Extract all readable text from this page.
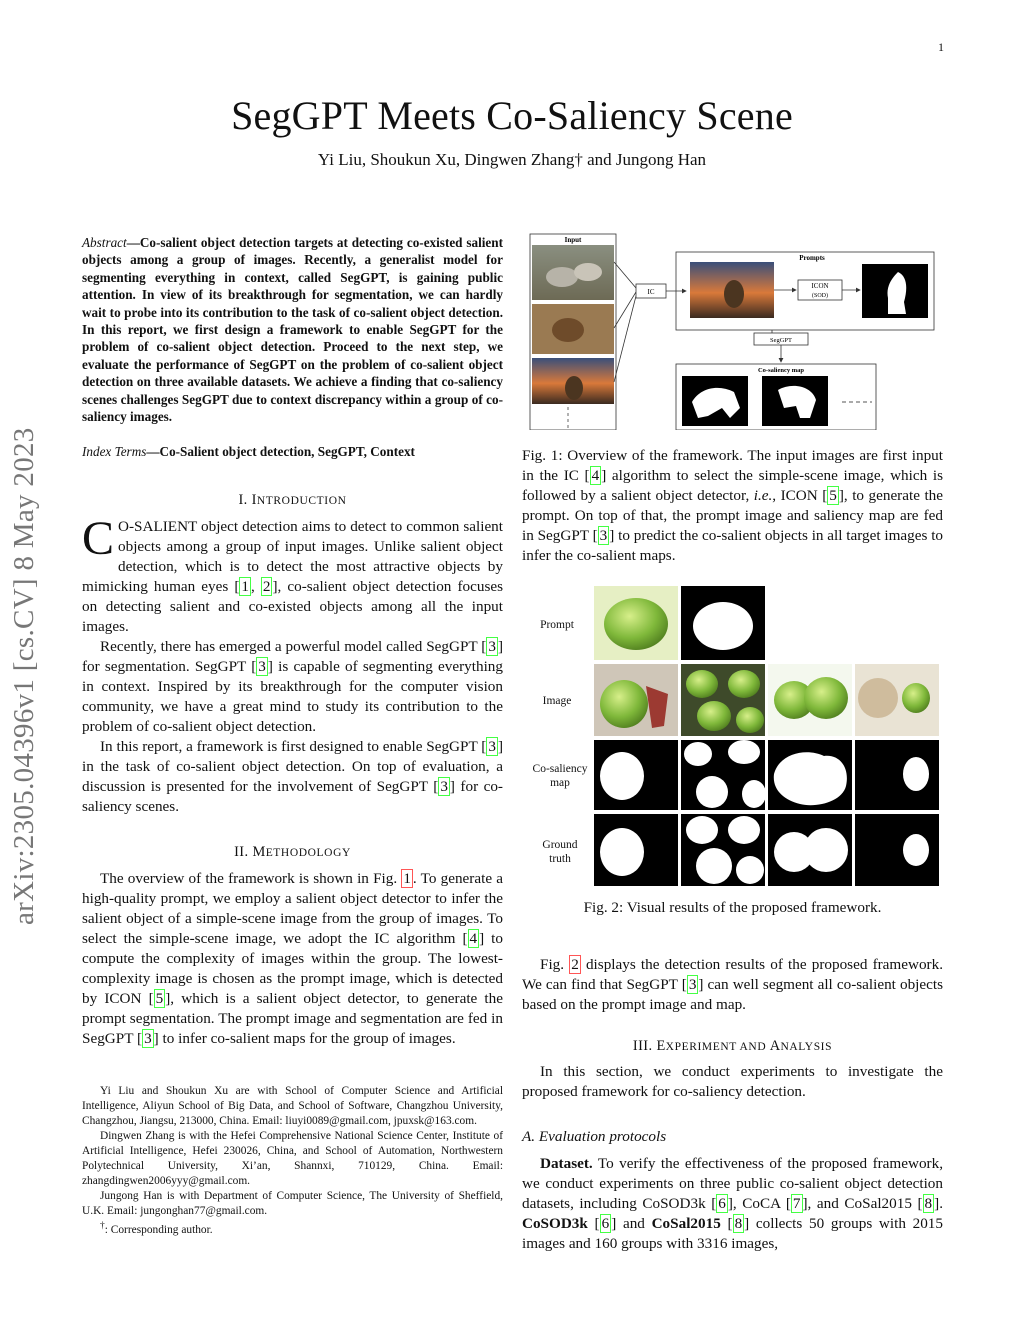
1
arXiv:2305.04396v1 [cs.CV] 8 May 2023
SegGPT Meets Co-Saliency Scene
Yi Liu, Shoukun Xu, Dingwen Zhang† and Jungong Han
Abstract—Co-salient object detection targets at detecting co-existed salient objects among a group of images. Recently, a generalist model for segmenting everything in context, called SegGPT, is gaining public attention. In view of its breakthrough for segmentation, we can hardly wait to probe into its contribution to the task of co-salient object detection. In this report, we first design a framework to enable SegGPT for the problem of co-salient object detection. Proceed to the next step, we evaluate the performance of SegGPT on the problem of co-salient object detection on three available datasets. We achieve a finding that co-saliency scenes challenges SegGPT due to context discrepancy within a group of co-saliency images.
Index Terms—Co-Salient object detection, SegGPT, Context
I. INTRODUCTION

C O-SALIENT object detection aims to detect to common salient objects among a group of input images. Unlike salient object detection, which is to detect the most attractive objects by mimicking human eyes [ 1 , 2 ], co-salient object detection focuses on detecting salient and co-existed objects among all the input images.

Recently, there has emerged a powerful model called SegGPT [ 3 ] for segmentation. SegGPT [ 3 ] is capable of segmenting everything in context. Inspired by its breakthrough for the computer vision community, we have a great mind to study its contribution to the problem of co-salient object detection.

In this report, a framework is first designed to enable SegGPT [ 3 ] in the task of co-salient object detection. On top of evaluation, a discussion is presented for the involvement of SegGPT [ 3 ] for co-saliency scenes.

II. METHODOLOGY

The overview of the framework is shown in Fig. 1 . To generate a high-quality prompt, we employ a salient object detector to infer the salient object of a simple-scene image from the group of images. To select the simple-scene image, we adopt the IC algorithm [ 4 ] to compute the complexity of images within the group. The lowest-complexity image is chosen as the prompt image, which is detected by ICON [ 5 ], which is a salient object detector, to generate the prompt segmentation. The prompt image and segmentation are fed in SegGPT [ 3 ] to infer co-salient maps for the group of images.

Yi Liu and Shoukun Xu are with School of Computer Science and Artificial Intelligence, Aliyun School of Big Data, and School of Software, Changzhou University, Changzhou, Jiangsu, 213000, China. Email: liuyi0089@gmail.com, jpuxsk@163.com.

Dingwen Zhang is with the Hefei Comprehensive National Science Center, Institute of Artificial Intelligence, Hefei 230026, China, and School of Automation, Northwestern Polytechnical University, Xi’an, Shannxi, 710129, China. Email: zhangdingwen2006yyy@gmail.com.

Jungong Han is with Department of Computer Science, The University of Sheffield, U.K. Email: jungonghan77@gmail.com.

†: Corresponding author.

Input
IC
Prompts
ICON
(SOD)
SegGPT
Co-saliency map
Fig. 1: Overview of the framework. The input images are first input in the IC [ 4 ] algorithm to select the simple-scene image, which is followed by a salient object detector, i.e., ICON [ 5 ], to generate the prompt. On top of that, the prompt image and saliency map are fed in SegGPT [ 3 ] to predict the co-salient objects in all target images to infer the co-salient maps.
Prompt
Image
Co-saliency
map
Ground
truth
Fig. 2: Visual results of the proposed framework.

Fig. 2 displays the detection results of the proposed framework. We can find that SegGPT [ 3 ] can well segment all co-salient objects based on the prompt image and map.

III. EXPERIMENT AND ANALYSIS

In this section, we conduct experiments to investigate the proposed framework for co-saliency detection.

A. Evaluation protocols

Dataset. To verify the effectiveness of the proposed framework, we conduct experiments on three public co-salient object detection datasets, including CoSOD3k [ 6 ], CoCA [ 7 ], and CoSal2015 [ 8 ]. CoSOD3k [ 6 ] and CoSal2015 [ 8 ] collects 50 groups with 2015 images and 160 groups with 3316 images,
